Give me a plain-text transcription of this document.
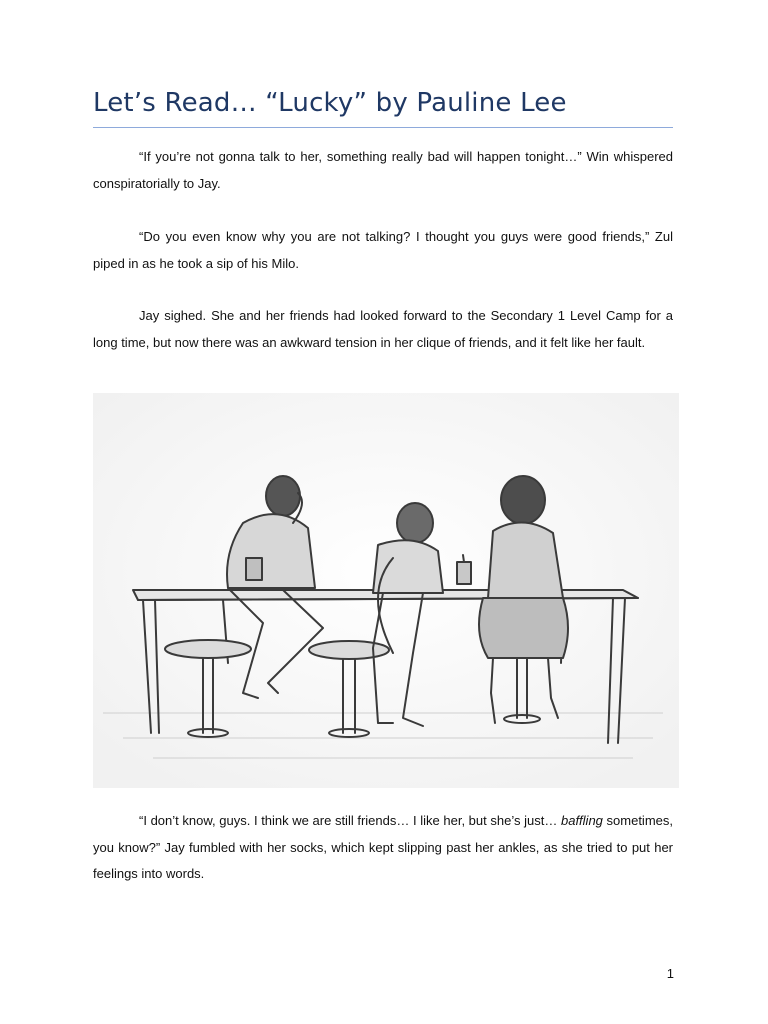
Let’s Read… “Lucky” by Pauline Lee

“If you’re not gonna talk to her, something really bad will happen tonight…” Win whispered conspiratorially to Jay.

“Do you even know why you are not talking? I thought you guys were good friends,” Zul piped in as he took a sip of his Milo.

Jay sighed. She and her friends had looked forward to the Secondary 1 Level Camp for a long time, but now there was an awkward tension in her clique of friends, and it felt like her fault.

“I don’t know, guys. I think we are still friends… I like her, but she’s just… baffling sometimes, you know?” Jay fumbled with her socks, which kept slipping past her ankles, as she tried to put her feelings into words.

1
